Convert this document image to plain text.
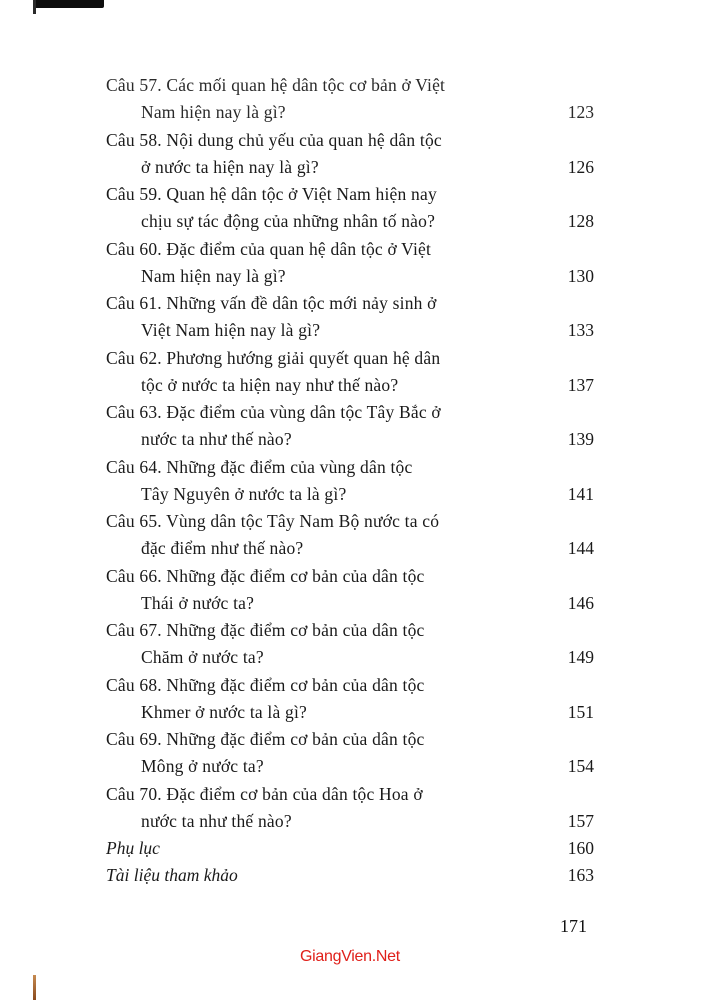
Câu 57. Các mối quan hệ dân tộc cơ bản ở Việt
Nam hiện nay là gì?	123
Câu 58. Nội dung chủ yếu của quan hệ dân tộc
ở nước ta hiện nay là gì?	126
Câu 59. Quan hệ dân tộc ở Việt Nam hiện nay
chịu sự tác động của những nhân tố nào?	128
Câu 60. Đặc điểm của quan hệ dân tộc ở Việt
Nam hiện nay là gì?	130
Câu 61. Những vấn đề dân tộc mới nảy sinh ở
Việt Nam hiện nay là gì?	133
Câu 62. Phương hướng giải quyết quan hệ dân
tộc ở nước ta hiện nay như thế nào?	137
Câu 63. Đặc điểm của vùng dân tộc Tây Bắc ở
nước ta như thế nào?	139
Câu 64. Những đặc điểm của vùng dân tộc
Tây Nguyên ở nước ta là gì?	141
Câu 65. Vùng dân tộc Tây Nam Bộ nước ta có
đặc điểm như thế nào?	144
Câu 66. Những đặc điểm cơ bản của dân tộc
Thái ở nước ta?	146
Câu 67. Những đặc điểm cơ bản của dân tộc
Chăm ở nước ta?	149
Câu 68. Những đặc điểm cơ bản của dân tộc
Khmer ở nước ta là gì?	151
Câu 69. Những đặc điểm cơ bản của dân tộc
Mông ở nước ta?	154
Câu 70. Đặc điểm cơ bản của dân tộc Hoa ở
nước ta như thế nào?	157
Phụ lục	160
Tài liệu tham khảo	163
171
GiangVien.Net
